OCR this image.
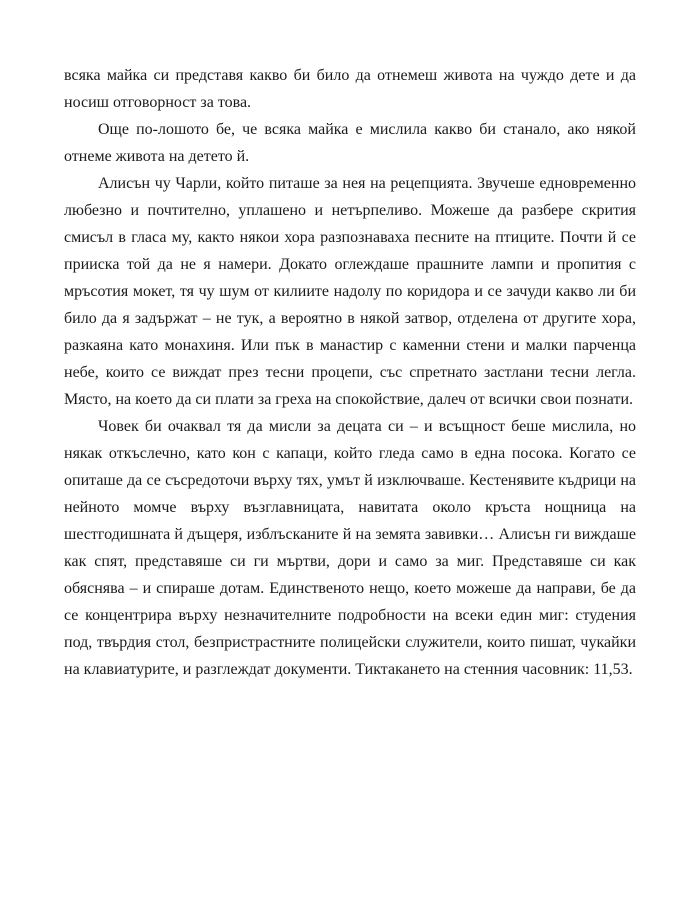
всяка майка си представя какво би било да отнемеш живота на чуждо дете и да носиш отговорност за това.

Още по-лошото бе, че всяка майка е мислила какво би станало, ако някой отнеме живота на детето й.

Алисън чу Чарли, който питаше за нея на рецепцията. Звучеше едновременно любезно и почтително, уплашено и нетърпеливо. Можеше да разбере скрития смисъл в гласа му, както някои хора разпознаваха песните на птиците. Почти й се прииска той да не я намери. Докато оглеждаше прашните лампи и пропития с мръсотия мокет, тя чу шум от килиите надолу по коридора и се зачуди какво ли би било да я задържат – не тук, а вероятно в някой затвор, отделена от другите хора, разкаяна като монахиня. Или пък в манастир с каменни стени и малки парченца небе, които се виждат през тесни процепи, със спретнато застлани тесни легла. Място, на което да си плати за греха на спокойствие, далеч от всички свои познати.

Човек би очаквал тя да мисли за децата си – и всъщност беше мислила, но някак откъслечно, като кон с капаци, който гледа само в една посока. Когато се опиташе да се съсредоточи върху тях, умът й изключваше. Кестенявите къдрици на нейното момче върху възглавницата, навитата около кръста нощница на шестгодишната й дъщеря, изблъсканите й на земята завивки… Алисън ги виждаше как спят, представяше си ги мъртви, дори и само за миг. Представяше си как обяснява – и спираше дотам. Единственото нещо, което можеше да направи, бе да се концентрира върху незначителните подробности на всеки един миг: студения под, твърдия стол, безпристрастните полицейски служители, които пишат, чукайки на клавиатурите, и разглеждат документи. Тиктакането на стенния часовник: 11,53.
